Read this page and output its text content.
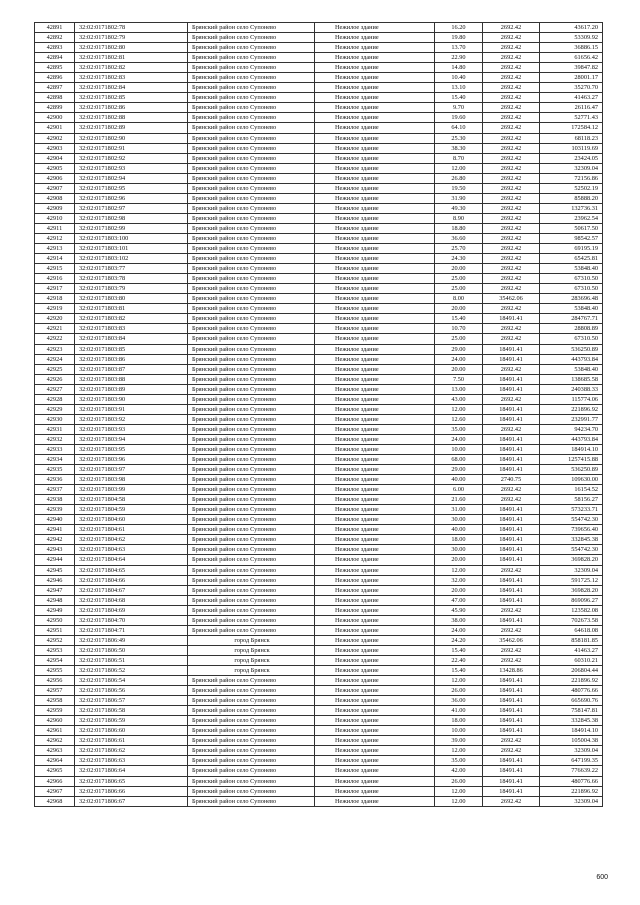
42891	32:02:0171802:78	Брянский район село Супонево	Нежилое здание	16.20	2692.42	43617.20
42892	32:02:0171802:79	Брянский район село Супонево	Нежилое здание	19.80	2692.42	53309.92
42893	32:02:0171802:80	Брянский район село Супонево	Нежилое здание	13.70	2692.42	36886.15
42894	32:02:0171802:81	Брянский район село Супонево	Нежилое здание	22.90	2692.42	61656.42
42895	32:02:0171802:82	Брянский район село Супонево	Нежилое здание	14.80	2692.42	39847.82
42896	32:02:0171802:83	Брянский район село Супонево	Нежилое здание	10.40	2692.42	28001.17
42897	32:02:0171802:84	Брянский район село Супонево	Нежилое здание	13.10	2692.42	35270.70
42898	32:02:0171802:85	Брянский район село Супонево	Нежилое здание	15.40	2692.42	41463.27
42899	32:02:0171802:86	Брянский район село Супонево	Нежилое здание	9.70	2692.42	26116.47
42900	32:02:0171802:88	Брянский район село Супонево	Нежилое здание	19.60	2692.42	52771.43
42901	32:02:0171802:89	Брянский район село Супонево	Нежилое здание	64.10	2692.42	172584.12
42902	32:02:0171802:90	Брянский район село Супонево	Нежилое здание	25.30	2692.42	68118.23
42903	32:02:0171802:91	Брянский район село Супонево	Нежилое здание	38.30	2692.42	103119.69
42904	32:02:0171802:92	Брянский район село Супонево	Нежилое здание	8.70	2692.42	23424.05
42905	32:02:0171802:93	Брянский район село Супонево	Нежилое здание	12.00	2692.42	32309.04
42906	32:02:0171802:94	Брянский район село Супонево	Нежилое здание	26.80	2692.42	72156.86
42907	32:02:0171802:95	Брянский район село Супонево	Нежилое здание	19.50	2692.42	52502.19
42908	32:02:0171802:96	Брянский район село Супонево	Нежилое здание	31.90	2692.42	85888.20
42909	32:02:0171802:97	Брянский район село Супонево	Нежилое здание	49.30	2692.42	132736.31
42910	32:02:0171802:98	Брянский район село Супонево	Нежилое здание	8.90	2692.42	23962.54
42911	32:02:0171802:99	Брянский район село Супонево	Нежилое здание	18.80	2692.42	50617.50
42912	32:02:0171803:100	Брянский район село Супонево	Нежилое здание	36.60	2692.42	98542.57
42913	32:02:0171803:101	Брянский район село Супонево	Нежилое здание	25.70	2692.42	69195.19
42914	32:02:0171803:102	Брянский район село Супонево	Нежилое здание	24.30	2692.42	65425.81
42915	32:02:0171803:77	Брянский район село Супонево	Нежилое здание	20.00	2692.42	53848.40
42916	32:02:0171803:78	Брянский район село Супонево	Нежилое здание	25.00	2692.42	67310.50
42917	32:02:0171803:79	Брянский район село Супонево	Нежилое здание	25.00	2692.42	67310.50
42918	32:02:0171803:80	Брянский район село Супонево	Нежилое здание	8.00	35462.06	283696.48
42919	32:02:0171803:81	Брянский район село Супонево	Нежилое здание	20.00	2692.42	53848.40
42920	32:02:0171803:82	Брянский район село Супонево	Нежилое здание	15.40	18491.41	284767.71
42921	32:02:0171803:83	Брянский район село Супонево	Нежилое здание	10.70	2692.42	28808.89
42922	32:02:0171803:84	Брянский район село Супонево	Нежилое здание	25.00	2692.42	67310.50
42923	32:02:0171803:85	Брянский район село Супонево	Нежилое здание	29.00	18491.41	536250.89
42924	32:02:0171803:86	Брянский район село Супонево	Нежилое здание	24.00	18491.41	443793.84
42925	32:02:0171803:87	Брянский район село Супонево	Нежилое здание	20.00	2692.42	53848.40
42926	32:02:0171803:88	Брянский район село Супонево	Нежилое здание	7.50	18491.41	138685.58
42927	32:02:0171803:89	Брянский район село Супонево	Нежилое здание	13.00	18491.41	240388.33
42928	32:02:0171803:90	Брянский район село Супонево	Нежилое здание	43.00	2692.42	115774.06
42929	32:02:0171803:91	Брянский район село Супонево	Нежилое здание	12.00	18491.41	221896.92
42930	32:02:0171803:92	Брянский район село Супонево	Нежилое здание	12.60	18491.41	232991.77
42931	32:02:0171803:93	Брянский район село Супонево	Нежилое здание	35.00	2692.42	94234.70
42932	32:02:0171803:94	Брянский район село Супонево	Нежилое здание	24.00	18491.41	443793.84
42933	32:02:0171803:95	Брянский район село Супонево	Нежилое здание	10.00	18491.41	184914.10
42934	32:02:0171803:96	Брянский район село Супонево	Нежилое здание	68.00	18491.41	1257415.88
42935	32:02:0171803:97	Брянский район село Супонево	Нежилое здание	29.00	18491.41	536250.89
42936	32:02:0171803:98	Брянский район село Супонево	Нежилое здание	40.00	2740.75	109630.00
42937	32:02:0171803:99	Брянский район село Супонево	Нежилое здание	6.00	2692.42	16154.52
42938	32:02:0171804:58	Брянский район село Супонево	Нежилое здание	21.60	2692.42	58156.27
42939	32:02:0171804:59	Брянский район село Супонево	Нежилое здание	31.00	18491.41	573233.71
42940	32:02:0171804:60	Брянский район село Супонево	Нежилое здание	30.00	18491.41	554742.30
42941	32:02:0171804:61	Брянский район село Супонево	Нежилое здание	40.00	18491.41	739656.40
42942	32:02:0171804:62	Брянский район село Супонево	Нежилое здание	18.00	18491.41	332845.38
42943	32:02:0171804:63	Брянский район село Супонево	Нежилое здание	30.00	18491.41	554742.30
42944	32:02:0171804:64	Брянский район село Супонево	Нежилое здание	20.00	18491.41	369828.20
42945	32:02:0171804:65	Брянский район село Супонево	Нежилое здание	12.00	2692.42	32309.04
42946	32:02:0171804:66	Брянский район село Супонево	Нежилое здание	32.00	18491.41	591725.12
42947	32:02:0171804:67	Брянский район село Супонево	Нежилое здание	20.00	18491.41	369828.20
42948	32:02:0171804:68	Брянский район село Супонево	Нежилое здание	47.00	18491.41	869096.27
42949	32:02:0171804:69	Брянский район село Супонево	Нежилое здание	45.90	2692.42	123582.08
42950	32:02:0171804:70	Брянский район село Супонево	Нежилое здание	38.00	18491.41	702673.58
42951	32:02:0171804:71	Брянский район село Супонево	Нежилое здание	24.00	2692.42	64618.08
42952	32:02:0171806:49	город Брянск	Нежилое здание	24.20	35462.06	858181.85
42953	32:02:0171806:50	город Брянск	Нежилое здание	15.40	2692.42	41463.27
42954	32:02:0171806:51	город Брянск	Нежилое здание	22.40	2692.42	60310.21
42955	32:02:0171806:52	город Брянск	Нежилое здание	15.40	13428.86	206804.44
42956	32:02:0171806:54	Брянский район село Супонево	Нежилое здание	12.00	18491.41	221896.92
42957	32:02:0171806:56	Брянский район село Супонево	Нежилое здание	26.00	18491.41	480776.66
42958	32:02:0171806:57	Брянский район село Супонево	Нежилое здание	36.00	18491.41	665690.76
42959	32:02:0171806:58	Брянский район село Супонево	Нежилое здание	41.00	18491.41	758147.81
42960	32:02:0171806:59	Брянский район село Супонево	Нежилое здание	18.00	18491.41	332845.38
42961	32:02:0171806:60	Брянский район село Супонево	Нежилое здание	10.00	18491.41	184914.10
42962	32:02:0171806:61	Брянский район село Супонево	Нежилое здание	39.00	2692.42	105004.38
42963	32:02:0171806:62	Брянский район село Супонево	Нежилое здание	12.00	2692.42	32309.04
42964	32:02:0171806:63	Брянский район село Супонево	Нежилое здание	35.00	18491.41	647199.35
42965	32:02:0171806:64	Брянский район село Супонево	Нежилое здание	42.00	18491.41	776639.22
42966	32:02:0171806:65	Брянский район село Супонево	Нежилое здание	26.00	18491.41	480776.66
42967	32:02:0171806:66	Брянский район село Супонево	Нежилое здание	12.00	18491.41	221896.92
42968	32:02:0171806:67	Брянский район село Супонево	Нежилое здание	12.00	2692.42	32309.04
600
